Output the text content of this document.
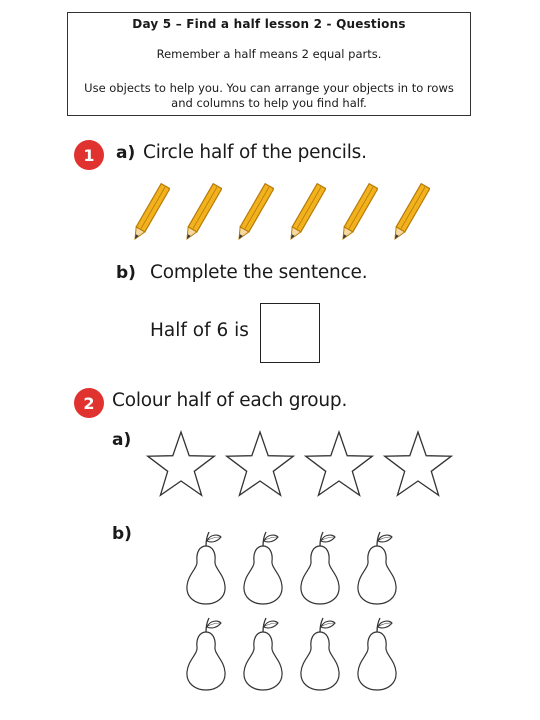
Day 5 – Find a half lesson 2 - Questions
Remember a half means 2 equal parts.
Use objects to help you. You can arrange your objects in to rows and columns to help you find half.
1	a) Circle half of the pencils.
b) Complete the sentence.
Half of 6 is
2 Colour half of each group.
a)
b)
